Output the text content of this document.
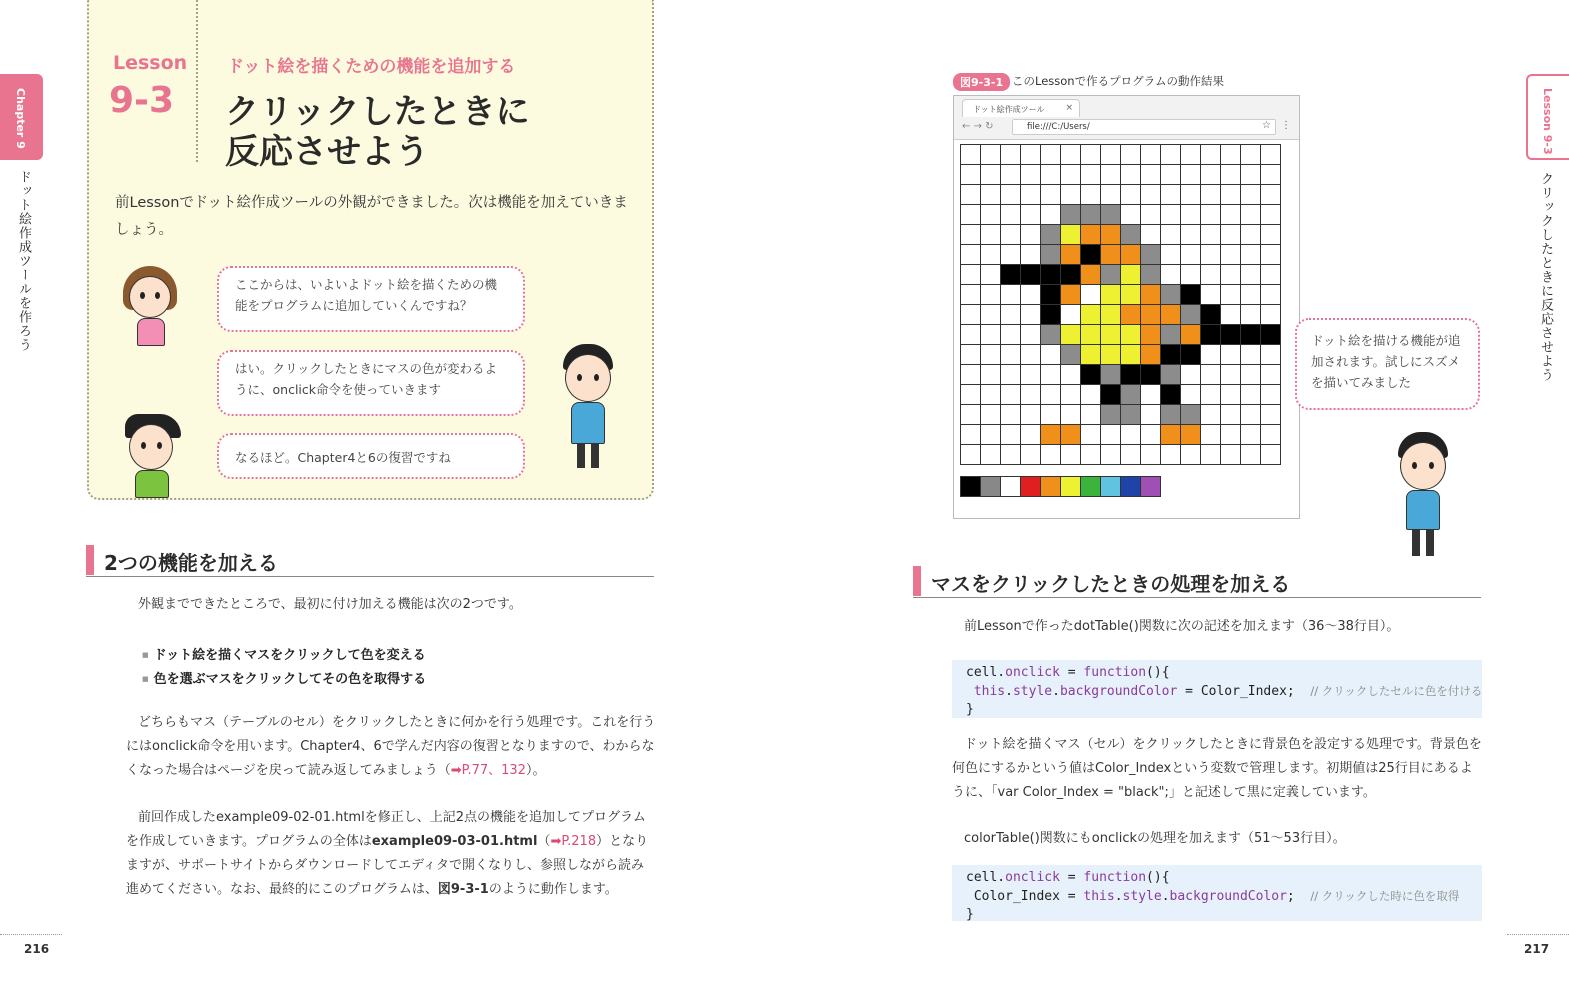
Chapter 9
ドット絵作成ツールを作ろう
Lesson 9-3
クリックしたときに反応させよう
Lesson
9-3
ドット絵を描くための機能を追加する
クリックしたときに
反応させよう
前Lessonでドット絵作成ツールの外観ができました。次は機能を加えていきましょう。
ここからは、いよいよドット絵を描くための機能をプログラムに追加していくんですね？
はい。クリックしたときにマスの色が変わるように、onclick命令を使っていきます
なるほど。Chapter4と6の復習ですね
2つの機能を加える
外観までできたところで、最初に付け加える機能は次の2つです。
■ ドット絵を描くマスをクリックして色を変える
■ 色を選ぶマスをクリックしてその色を取得する
どちらもマス（テーブルのセル）をクリックしたときに何かを行う処理です。これを行うにはonclick命令を用います。Chapter4、6で学んだ内容の復習となりますので、わからなくなった場合はページを戻って読み返してみましょう（➡P.77、132）。
前回作成したexample09-02-01.htmlを修正し、上記2点の機能を追加してプログラムを作成していきます。プログラムの全体はexample09-03-01.html（➡P.218）となりますが、サポートサイトからダウンロードしてエディタで開くなりし、参照しながら読み進めてください。なお、最終的にこのプログラムは、図9-3-1のように動作します。
図9-3-1 このLessonで作るプログラムの動作結果
ドット絵作成ツール ×
← → ↻	file:///C:/Users/	☆ ⋮
ドット絵を描ける機能が追加されます。試しにスズメを描いてみました
マスをクリックしたときの処理を加える
前Lessonで作ったdotTable()関数に次の記述を加えます（36～38行目）。
cell.onclick = function(){
this.style.backgroundColor = Color_Index;  // クリックしたセルに色を付ける
}
ドット絵を描くマス（セル）をクリックしたときに背景色を設定する処理です。背景色を何色にするかという値はColor_Indexという変数で管理します。初期値は25行目にあるように、「var Color_Index = "black";」と記述して黒に定義しています。
colorTable()関数にもonclickの処理を加えます（51～53行目）。
cell.onclick = function(){
Color_Index = this.style.backgroundColor;  // クリックした時に色を取得
}
216	217
